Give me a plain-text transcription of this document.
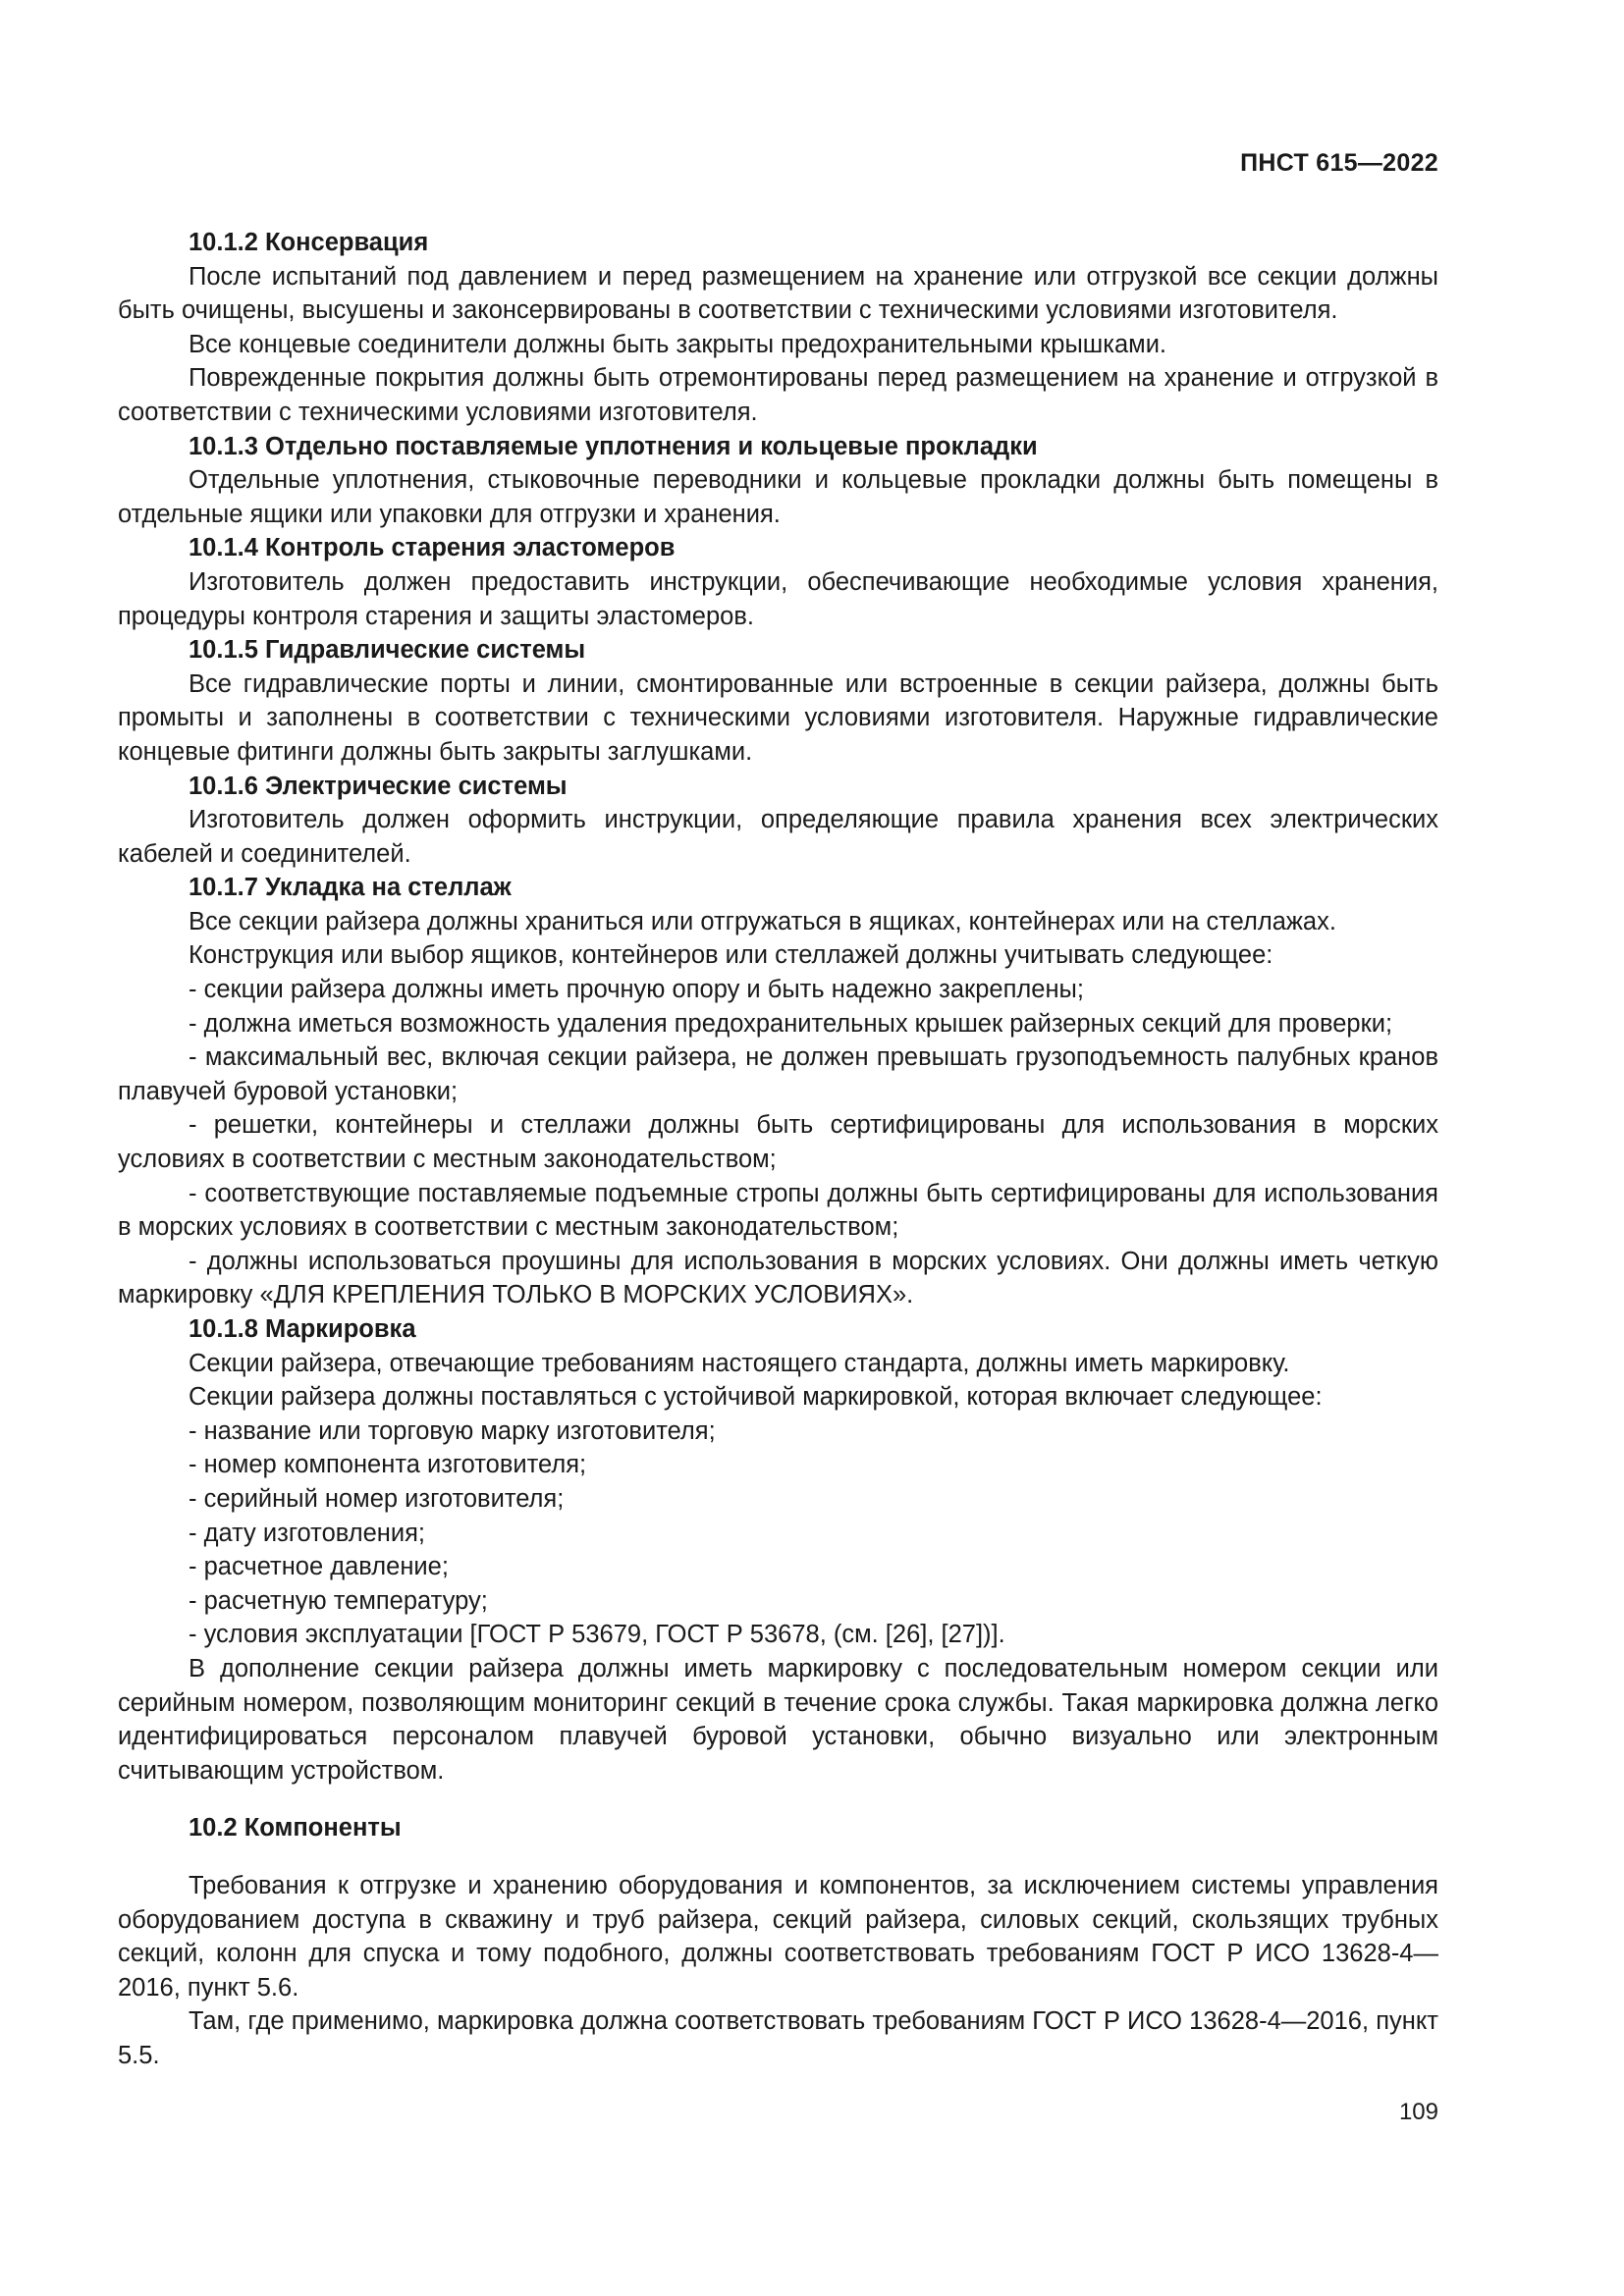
ПНСТ 615—2022

10.1.2 Консервация

После испытаний под давлением и перед размещением на хранение или отгрузкой все секции должны быть очищены, высушены и законсервированы в соответствии с техническими условиями изготовителя.

Все концевые соединители должны быть закрыты предохранительными крышками.

Поврежденные покрытия должны быть отремонтированы перед размещением на хранение и отгрузкой в соответствии с техническими условиями изготовителя.

10.1.3 Отдельно поставляемые уплотнения и кольцевые прокладки

Отдельные уплотнения, стыковочные переводники и кольцевые прокладки должны быть помещены в отдельные ящики или упаковки для отгрузки и хранения.

10.1.4 Контроль старения эластомеров

Изготовитель должен предоставить инструкции, обеспечивающие необходимые условия хранения, процедуры контроля старения и защиты эластомеров.

10.1.5 Гидравлические системы

Все гидравлические порты и линии, смонтированные или встроенные в секции райзера, должны быть промыты и заполнены в соответствии с техническими условиями изготовителя. Наружные гидравлические концевые фитинги должны быть закрыты заглушками.

10.1.6 Электрические системы

Изготовитель должен оформить инструкции, определяющие правила хранения всех электрических кабелей и соединителей.

10.1.7 Укладка на стеллаж

Все секции райзера должны храниться или отгружаться в ящиках, контейнерах или на стеллажах.

Конструкция или выбор ящиков, контейнеров или стеллажей должны учитывать следующее:

- секции райзера должны иметь прочную опору и быть надежно закреплены;

- должна иметься возможность удаления предохранительных крышек райзерных секций для проверки;

- максимальный вес, включая секции райзера, не должен превышать грузоподъемность палубных кранов плавучей буровой установки;

- решетки, контейнеры и стеллажи должны быть сертифицированы для использования в морских условиях в соответствии с местным законодательством;

- соответствующие поставляемые подъемные стропы должны быть сертифицированы для использования в морских условиях в соответствии с местным законодательством;

- должны использоваться проушины для использования в морских условиях. Они должны иметь четкую маркировку «ДЛЯ КРЕПЛЕНИЯ ТОЛЬКО В МОРСКИХ УСЛОВИЯХ».

10.1.8 Маркировка

Секции райзера, отвечающие требованиям настоящего стандарта, должны иметь маркировку.

Секции райзера должны поставляться с устойчивой маркировкой, которая включает следующее:

- название или торговую марку изготовителя;

- номер компонента изготовителя;

- серийный номер изготовителя;

- дату изготовления;

- расчетное давление;

- расчетную температуру;

- условия эксплуатации [ГОСТ Р 53679, ГОСТ Р 53678, (см. [26], [27])].

В дополнение секции райзера должны иметь маркировку с последовательным номером секции или серийным номером, позволяющим мониторинг секций в течение срока службы. Такая маркировка должна легко идентифицироваться персоналом плавучей буровой установки, обычно визуально или электронным считывающим устройством.

10.2 Компоненты

Требования к отгрузке и хранению оборудования и компонентов, за исключением системы управления оборудованием доступа в скважину и труб райзера, секций райзера, силовых секций, скользящих трубных секций, колонн для спуска и тому подобного, должны соответствовать требованиям ГОСТ Р ИСО 13628-4—2016, пункт 5.6.

Там, где применимо, маркировка должна соответствовать требованиям ГОСТ Р ИСО 13628-4—2016, пункт 5.5.

109
